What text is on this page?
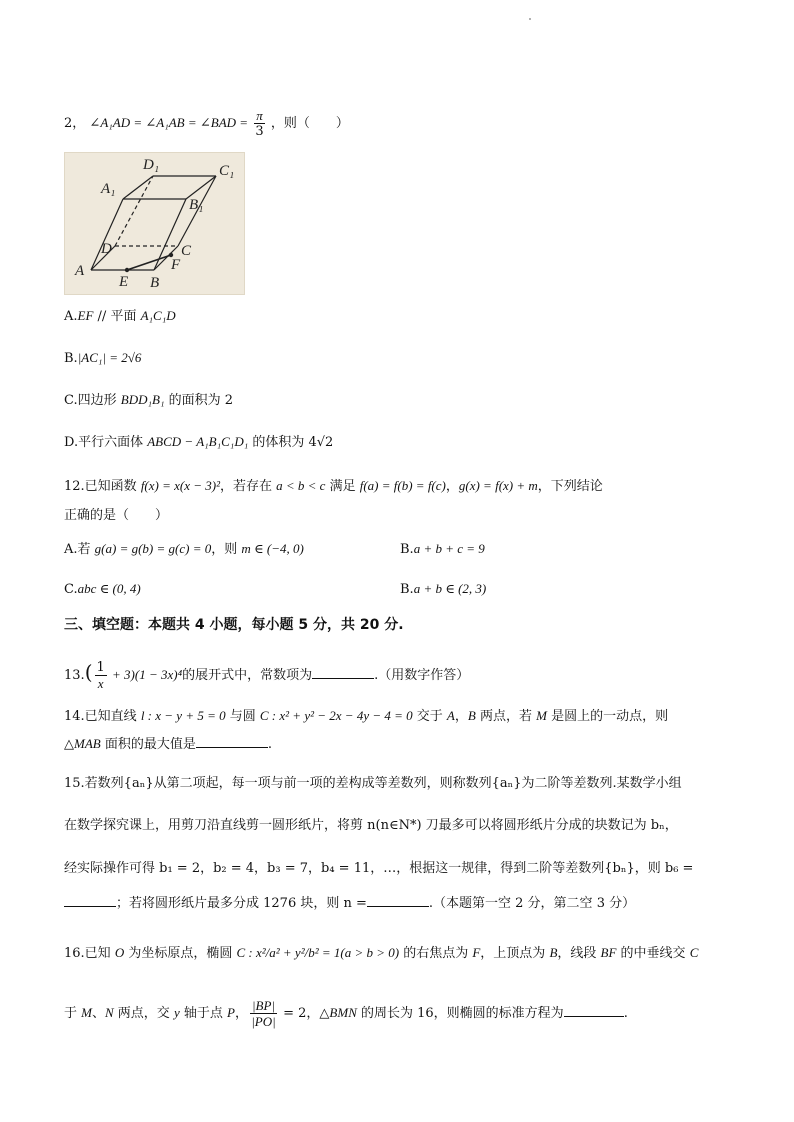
2， ∠A₁AD = ∠A₁AB = ∠BAD = $\frac{\pi}{3}$ ，则（　　）
A₁
D₁	C₁
B₁
D	C
A
E B
F
A.EF // 平面 A₁C₁D
B.|AC₁| = 2√6
C.四边形 BDD₁B₁ 的面积为 2
D.平行六面体 ABCD − A₁B₁C₁D₁ 的体积为 4√2
12.已知函数 f(x) = x(x − 3)²，若存在 a < b < c 满足 f(a) = f(b) = f(c)，g(x) = f(x) + m，下列结论
正确的是（　　）
A.若 g(a) = g(b) = g(c) = 0，则 m ∈ (−4, 0)	B.a + b + c = 9
C.abc ∈ (0, 4)	B.a + b ∈ (2, 3)
三、填空题：本题共 4 小题，每小题 5 分，共 20 分.
$13.( \frac{1}{x} + 3)(1 - 3x)^4$的展开式中，常数项为	.（用数字作答）
14.已知直线 l : x − y + 5 = 0 与圆 C : x² + y² − 2x − 4y − 4 = 0 交于 A，B 两点，若 M 是圆上的一动点，则
△MAB 面积的最大值是	.
15.若数列{aₙ}从第二项起，每一项与前一项的差构成等差数列，则称数列{aₙ}为二阶等差数列.某数学小组
在数学探究课上，用剪刀沿直线剪一圆形纸片，将剪 n(n∈N*) 刀最多可以将圆形纸片分成的块数记为 bₙ，
经实际操作可得 b₁ = 2，b₂ = 4，b₃ = 7，b₄ = 11，…，根据这一规律，得到二阶等差数列{bₙ}，则 b₆ =
；若将圆形纸片最多分成 1276 块，则 n =	.（本题第一空 2 分，第二空 3 分）
16.已知 O 为坐标原点，椭圆 C : x²/a² + y²/b² = 1(a > b > 0) 的右焦点为 F，上顶点为 B，线段 BF 的中垂线交 C
于 M、N 两点，交 y 轴于点 P， $\frac{|BP|}{|PO|} = 2$，△BMN 的周长为 16，则椭圆的标准方程为	.
